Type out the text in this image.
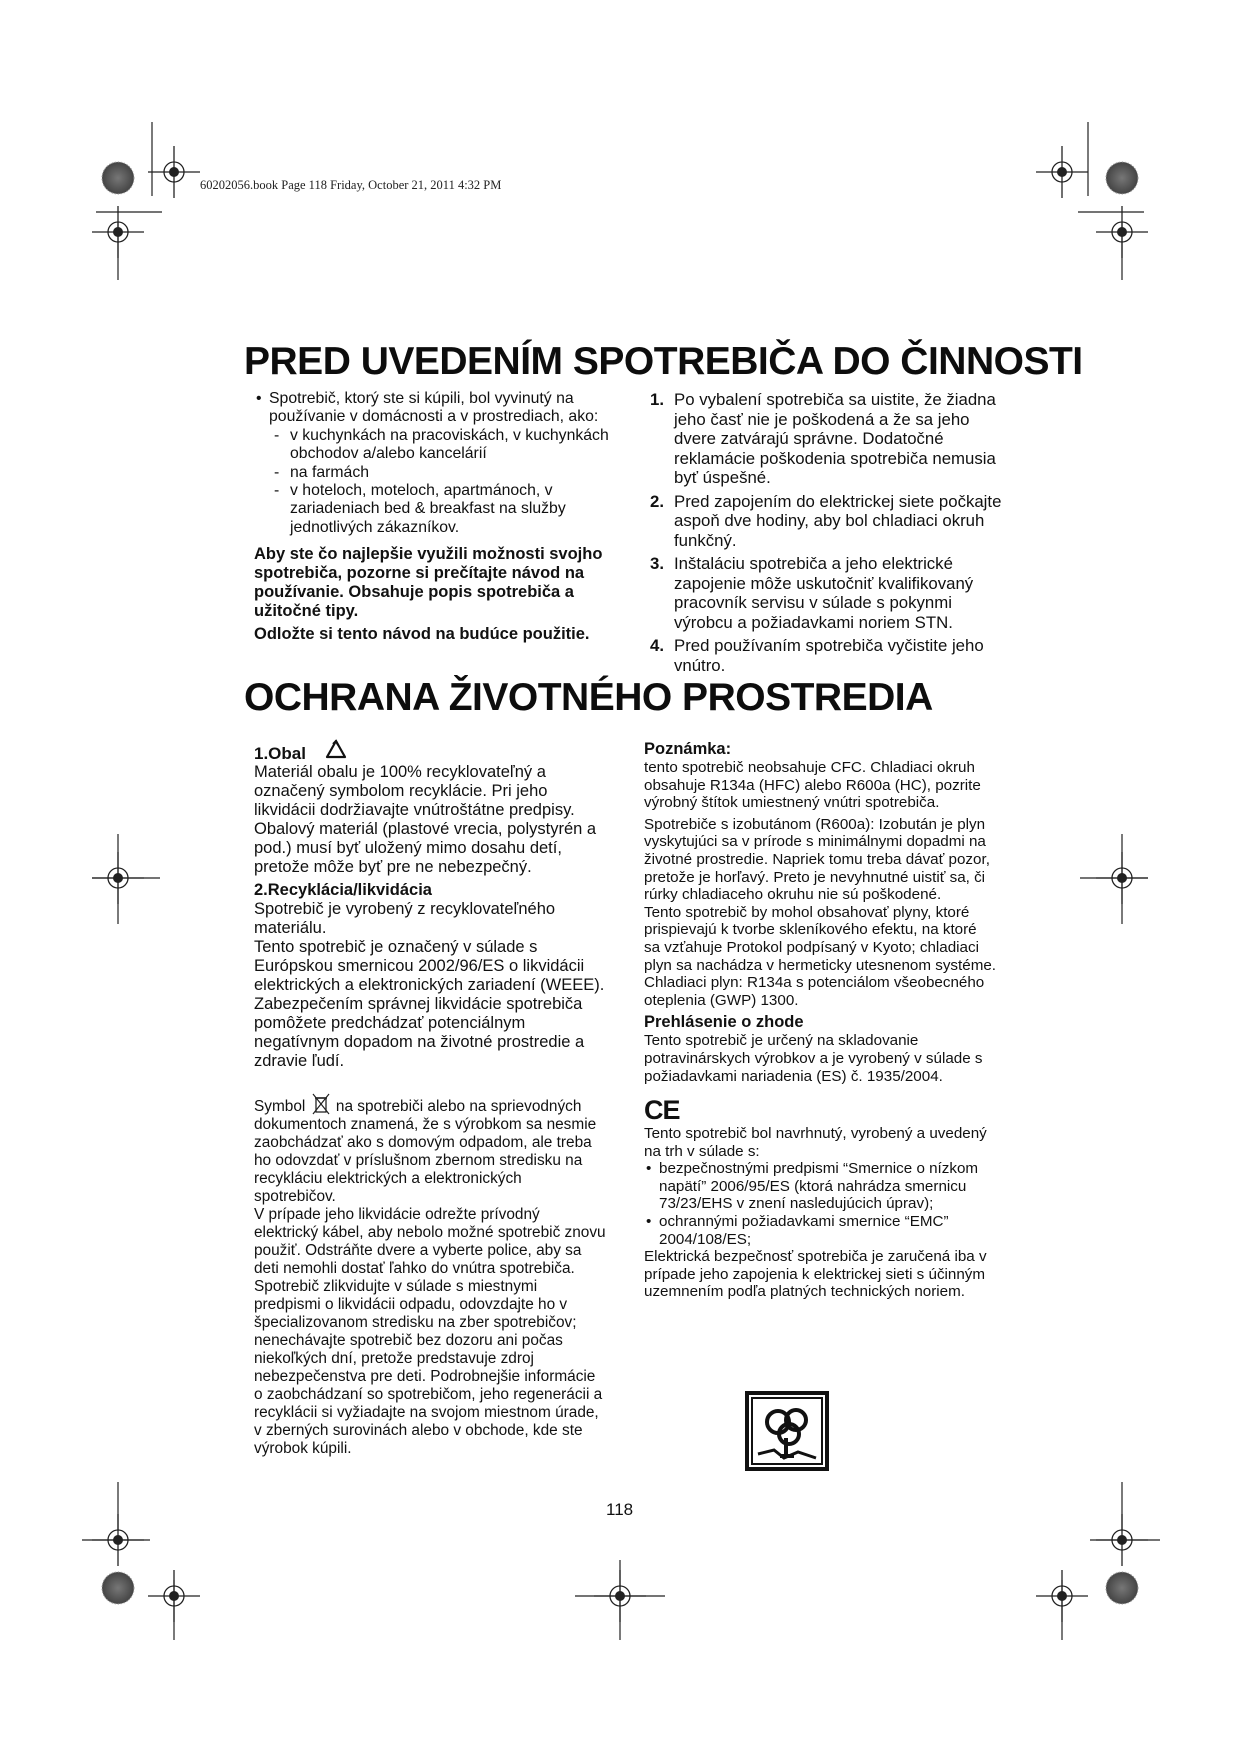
60202056.book Page 118 Friday, October 21, 2011 4:32 PM
PRED UVEDENÍM SPOTREBIČA DO ČINNOSTI

• Spotrebič, ktorý ste si kúpili, bol vyvinutý na používanie v domácnosti a v prostrediach, ako:

- v kuchynkách na pracoviskách, v kuchynkách obchodov a/alebo kancelárií

- na farmách

- v hoteloch, moteloch, apartmánoch, v zariadeniach bed & breakfast na služby jednotlivých zákazníkov.

Aby ste čo najlepšie využili možnosti svojho spotrebiča, pozorne si prečítajte návod na používanie. Obsahuje popis spotrebiča a užitočné tipy.

Odložte si tento návod na budúce použitie.

1. Po vybalení spotrebiča sa uistite, že žiadna jeho časť nie je poškodená a že sa jeho dvere zatvárajú správne. Dodatočné reklamácie poškodenia spotrebiča nemusia byť úspešné.

2. Pred zapojením do elektrickej siete počkajte aspoň dve hodiny, aby bol chladiaci okruh funkčný.

3. Inštaláciu spotrebiča a jeho elektrické zapojenie môže uskutočniť kvalifikovaný pracovník servisu v súlade s pokynmi výrobcu a požiadavkami noriem STN.

4. Pred používaním spotrebiča vyčistite jeho vnútro.

OCHRANA ŽIVOTNÉHO PROSTREDIA

1.Obal

Materiál obalu je 100% recyklovateľný a označený symbolom recyklácie. Pri jeho likvidácii dodržiavajte vnútroštátne predpisy. Obalový materiál (plastové vrecia, polystyrén a pod.) musí byť uložený mimo dosahu detí, pretože môže byť pre ne nebezpečný.

2.Recyklácia/likvidácia

Spotrebič je vyrobený z recyklovateľného materiálu.

Tento spotrebič je označený v súlade s Európskou smernicou 2002/96/ES o likvidácii elektrických a elektronických zariadení (WEEE). Zabezpečením správnej likvidácie spotrebiča pomôžete predchádzať potenciálnym negatívnym dopadom na životné prostredie a zdravie ľudí.

Symbol na spotrebiči alebo na sprievodných dokumentoch znamená, že s výrobkom sa nesmie zaobchádzať ako s domovým odpadom, ale treba ho odovzdať v príslušnom zbernom stredisku na recykláciu elektrických a elektronických spotrebičov.

V prípade jeho likvidácie odrežte prívodný elektrický kábel, aby nebolo možné spotrebič znovu použiť. Odstráňte dvere a vyberte police, aby sa deti nemohli dostať ľahko do vnútra spotrebiča. Spotrebič zlikvidujte v súlade s miestnymi predpismi o likvidácii odpadu, odovzdajte ho v špecializovanom stredisku na zber spotrebičov; nenechávajte spotrebič bez dozoru ani počas niekoľkých dní, pretože predstavuje zdroj nebezpečenstva pre deti. Podrobnejšie informácie o zaobchádzaní so spotrebičom, jeho regenerácii a recyklácii si vyžiadajte na svojom miestnom úrade, v zberných surovinách alebo v obchode, kde ste výrobok kúpili.

Poznámka:

tento spotrebič neobsahuje CFC. Chladiaci okruh obsahuje R134a (HFC) alebo R600a (HC), pozrite výrobný štítok umiestnený vnútri spotrebiča.

Spotrebiče s izobutánom (R600a): Izobután je plyn vyskytujúci sa v prírode s minimálnymi dopadmi na životné prostredie. Napriek tomu treba dávať pozor, pretože je horľavý. Preto je nevyhnutné uistiť sa, či rúrky chladiaceho okruhu nie sú poškodené.

Tento spotrebič by mohol obsahovať plyny, ktoré prispievajú k tvorbe skleníkového efektu, na ktoré sa vzťahuje Protokol podpísaný v Kyoto; chladiaci plyn sa nachádza v hermeticky utesnenom systéme. Chladiaci plyn: R134a s potenciálom všeobecného oteplenia (GWP) 1300.

Prehlásenie o zhode

Tento spotrebič je určený na skladovanie potravinárskych výrobkov a je vyrobený v súlade s požiadavkami nariadenia (ES) č. 1935/2004.

CE

Tento spotrebič bol navrhnutý, vyrobený a uvedený na trh v súlade s:

• bezpečnostnými predpismi “Smernice o nízkom napätí” 2006/95/ES (ktorá nahrádza smernicu 73/23/EHS v znení nasledujúcich úprav);

• ochrannými požiadavkami smernice “EMC” 2004/108/ES;

Elektrická bezpečnosť spotrebiča je zaručená iba v prípade jeho zapojenia k elektrickej sieti s účinným uzemnením podľa platných technických noriem.

118
